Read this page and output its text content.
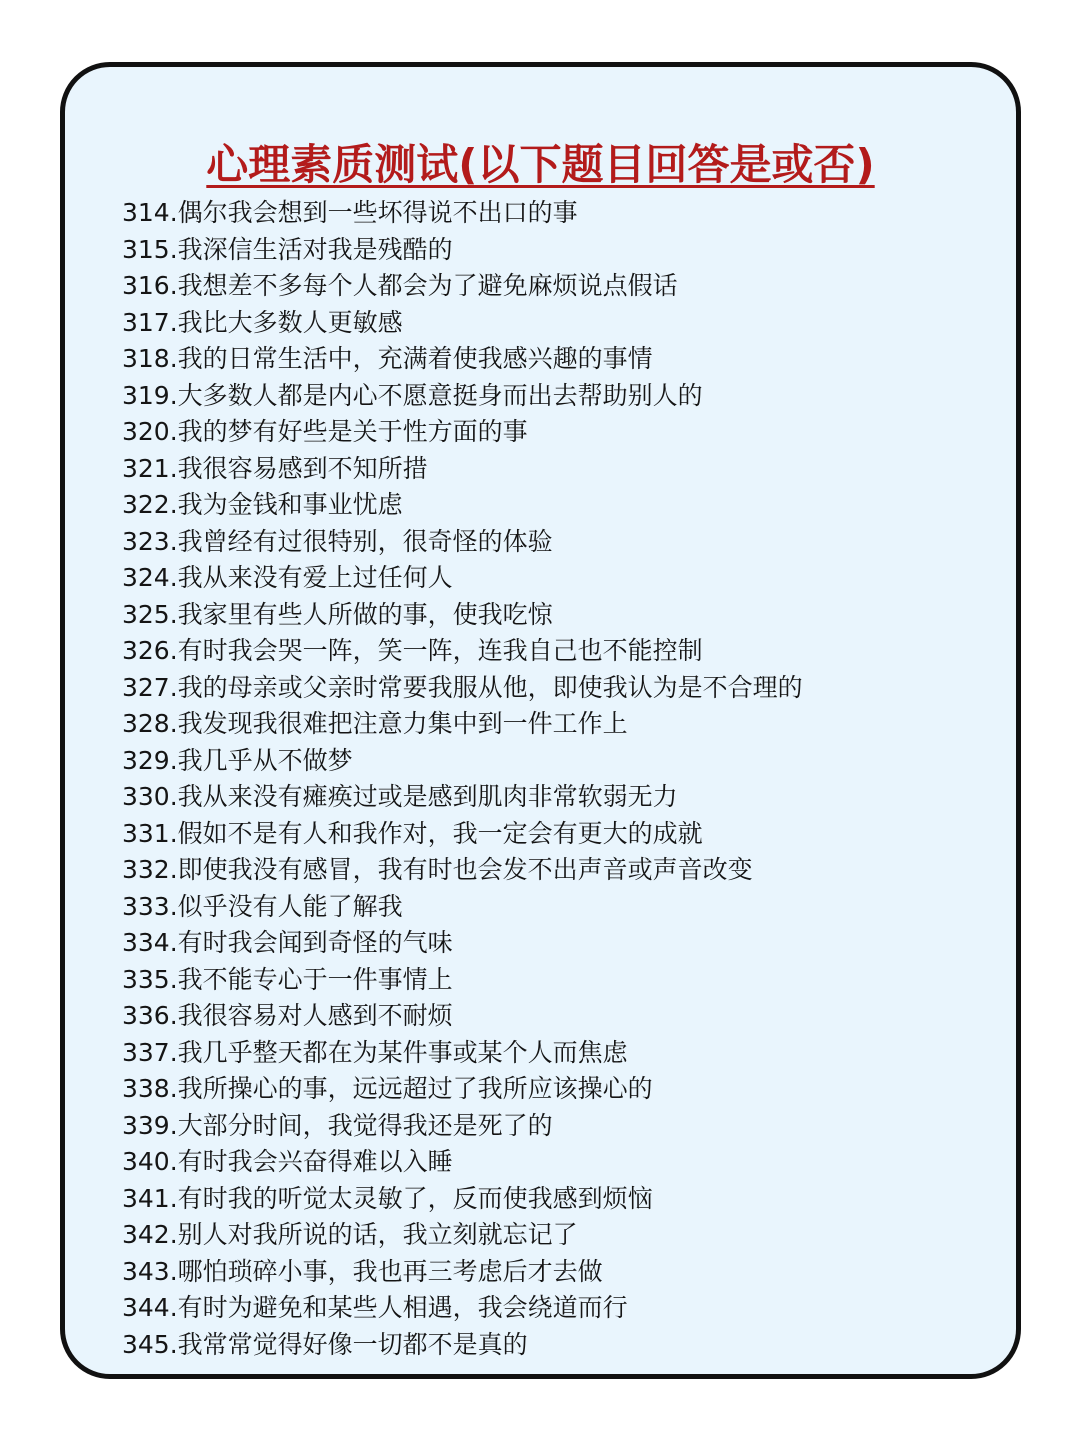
心理素质测试(以下题目回答是或否)
314.偶尔我会想到一些坏得说不出口的事
315.我深信生活对我是残酷的
316.我想差不多每个人都会为了避免麻烦说点假话
317.我比大多数人更敏感
318.我的日常生活中，充满着使我感兴趣的事情
319.大多数人都是内心不愿意挺身而出去帮助别人的
320.我的梦有好些是关于性方面的事
321.我很容易感到不知所措
322.我为金钱和事业忧虑
323.我曾经有过很特别，很奇怪的体验
324.我从来没有爱上过任何人
325.我家里有些人所做的事，使我吃惊
326.有时我会哭一阵，笑一阵，连我自己也不能控制
327.我的母亲或父亲时常要我服从他，即使我认为是不合理的
328.我发现我很难把注意力集中到一件工作上
329.我几乎从不做梦
330.我从来没有瘫痪过或是感到肌肉非常软弱无力
331.假如不是有人和我作对，我一定会有更大的成就
332.即使我没有感冒，我有时也会发不出声音或声音改变
333.似乎没有人能了解我
334.有时我会闻到奇怪的气味
335.我不能专心于一件事情上
336.我很容易对人感到不耐烦
337.我几乎整天都在为某件事或某个人而焦虑
338.我所操心的事，远远超过了我所应该操心的
339.大部分时间，我觉得我还是死了的
340.有时我会兴奋得难以入睡
341.有时我的听觉太灵敏了，反而使我感到烦恼
342.别人对我所说的话，我立刻就忘记了
343.哪怕琐碎小事，我也再三考虑后才去做
344.有时为避免和某些人相遇，我会绕道而行
345.我常常觉得好像一切都不是真的
